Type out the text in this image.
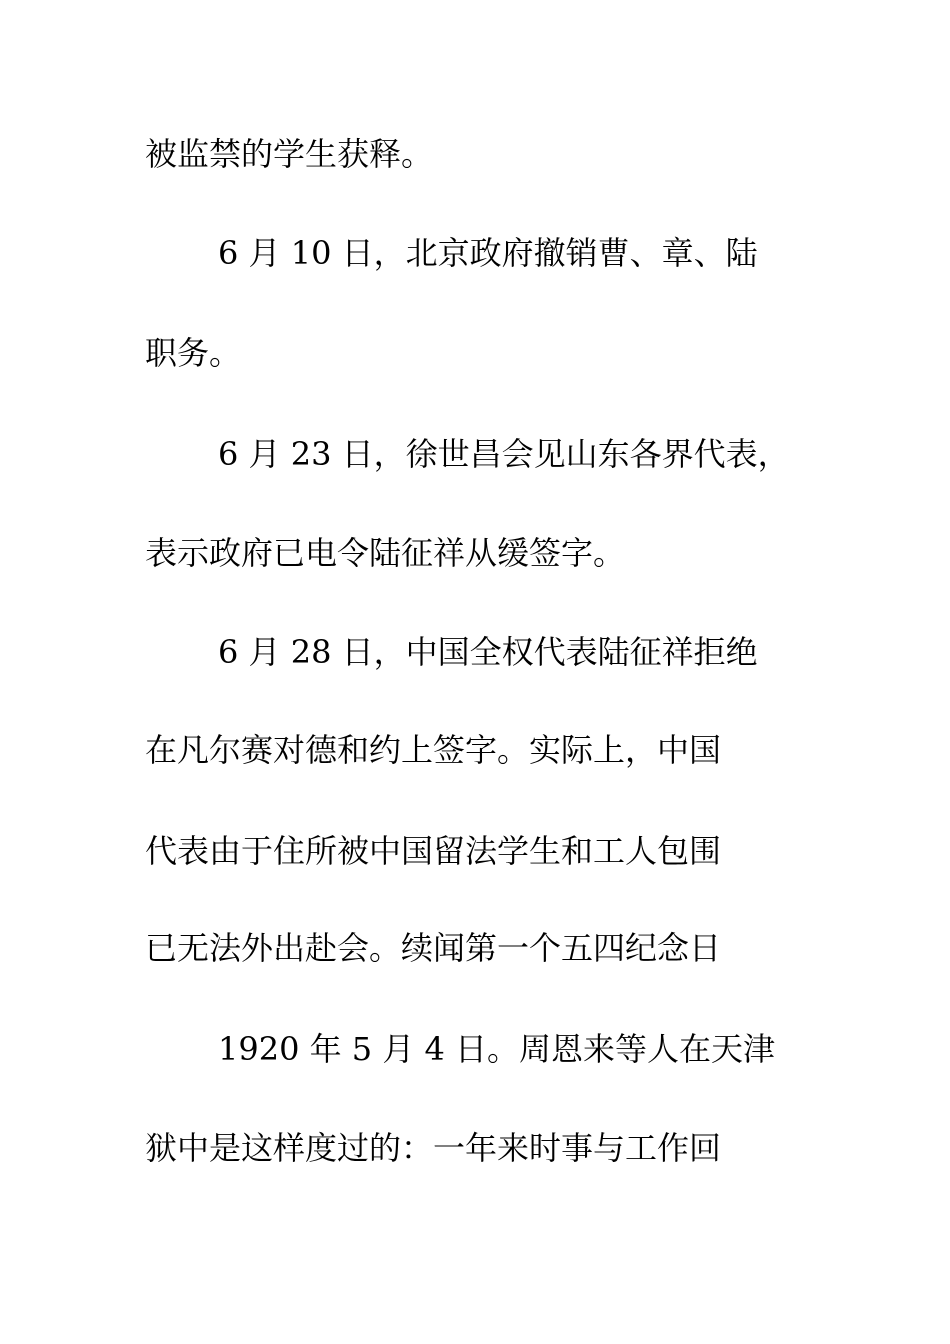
被监禁的学生获释。
6 月 10 日，北京政府撤销曹、章、陆
职务。
6 月 23 日，徐世昌会见山东各界代表，
表示政府已电令陆征祥从缓签字。
6 月 28 日，中国全权代表陆征祥拒绝
在凡尔赛对德和约上签字。实际上，中国
代表由于住所被中国留法学生和工人包围
已无法外出赴会。续闻第一个五四纪念日
1920 年 5 月 4 日。周恩来等人在天津
狱中是这样度过的：一年来时事与工作回
